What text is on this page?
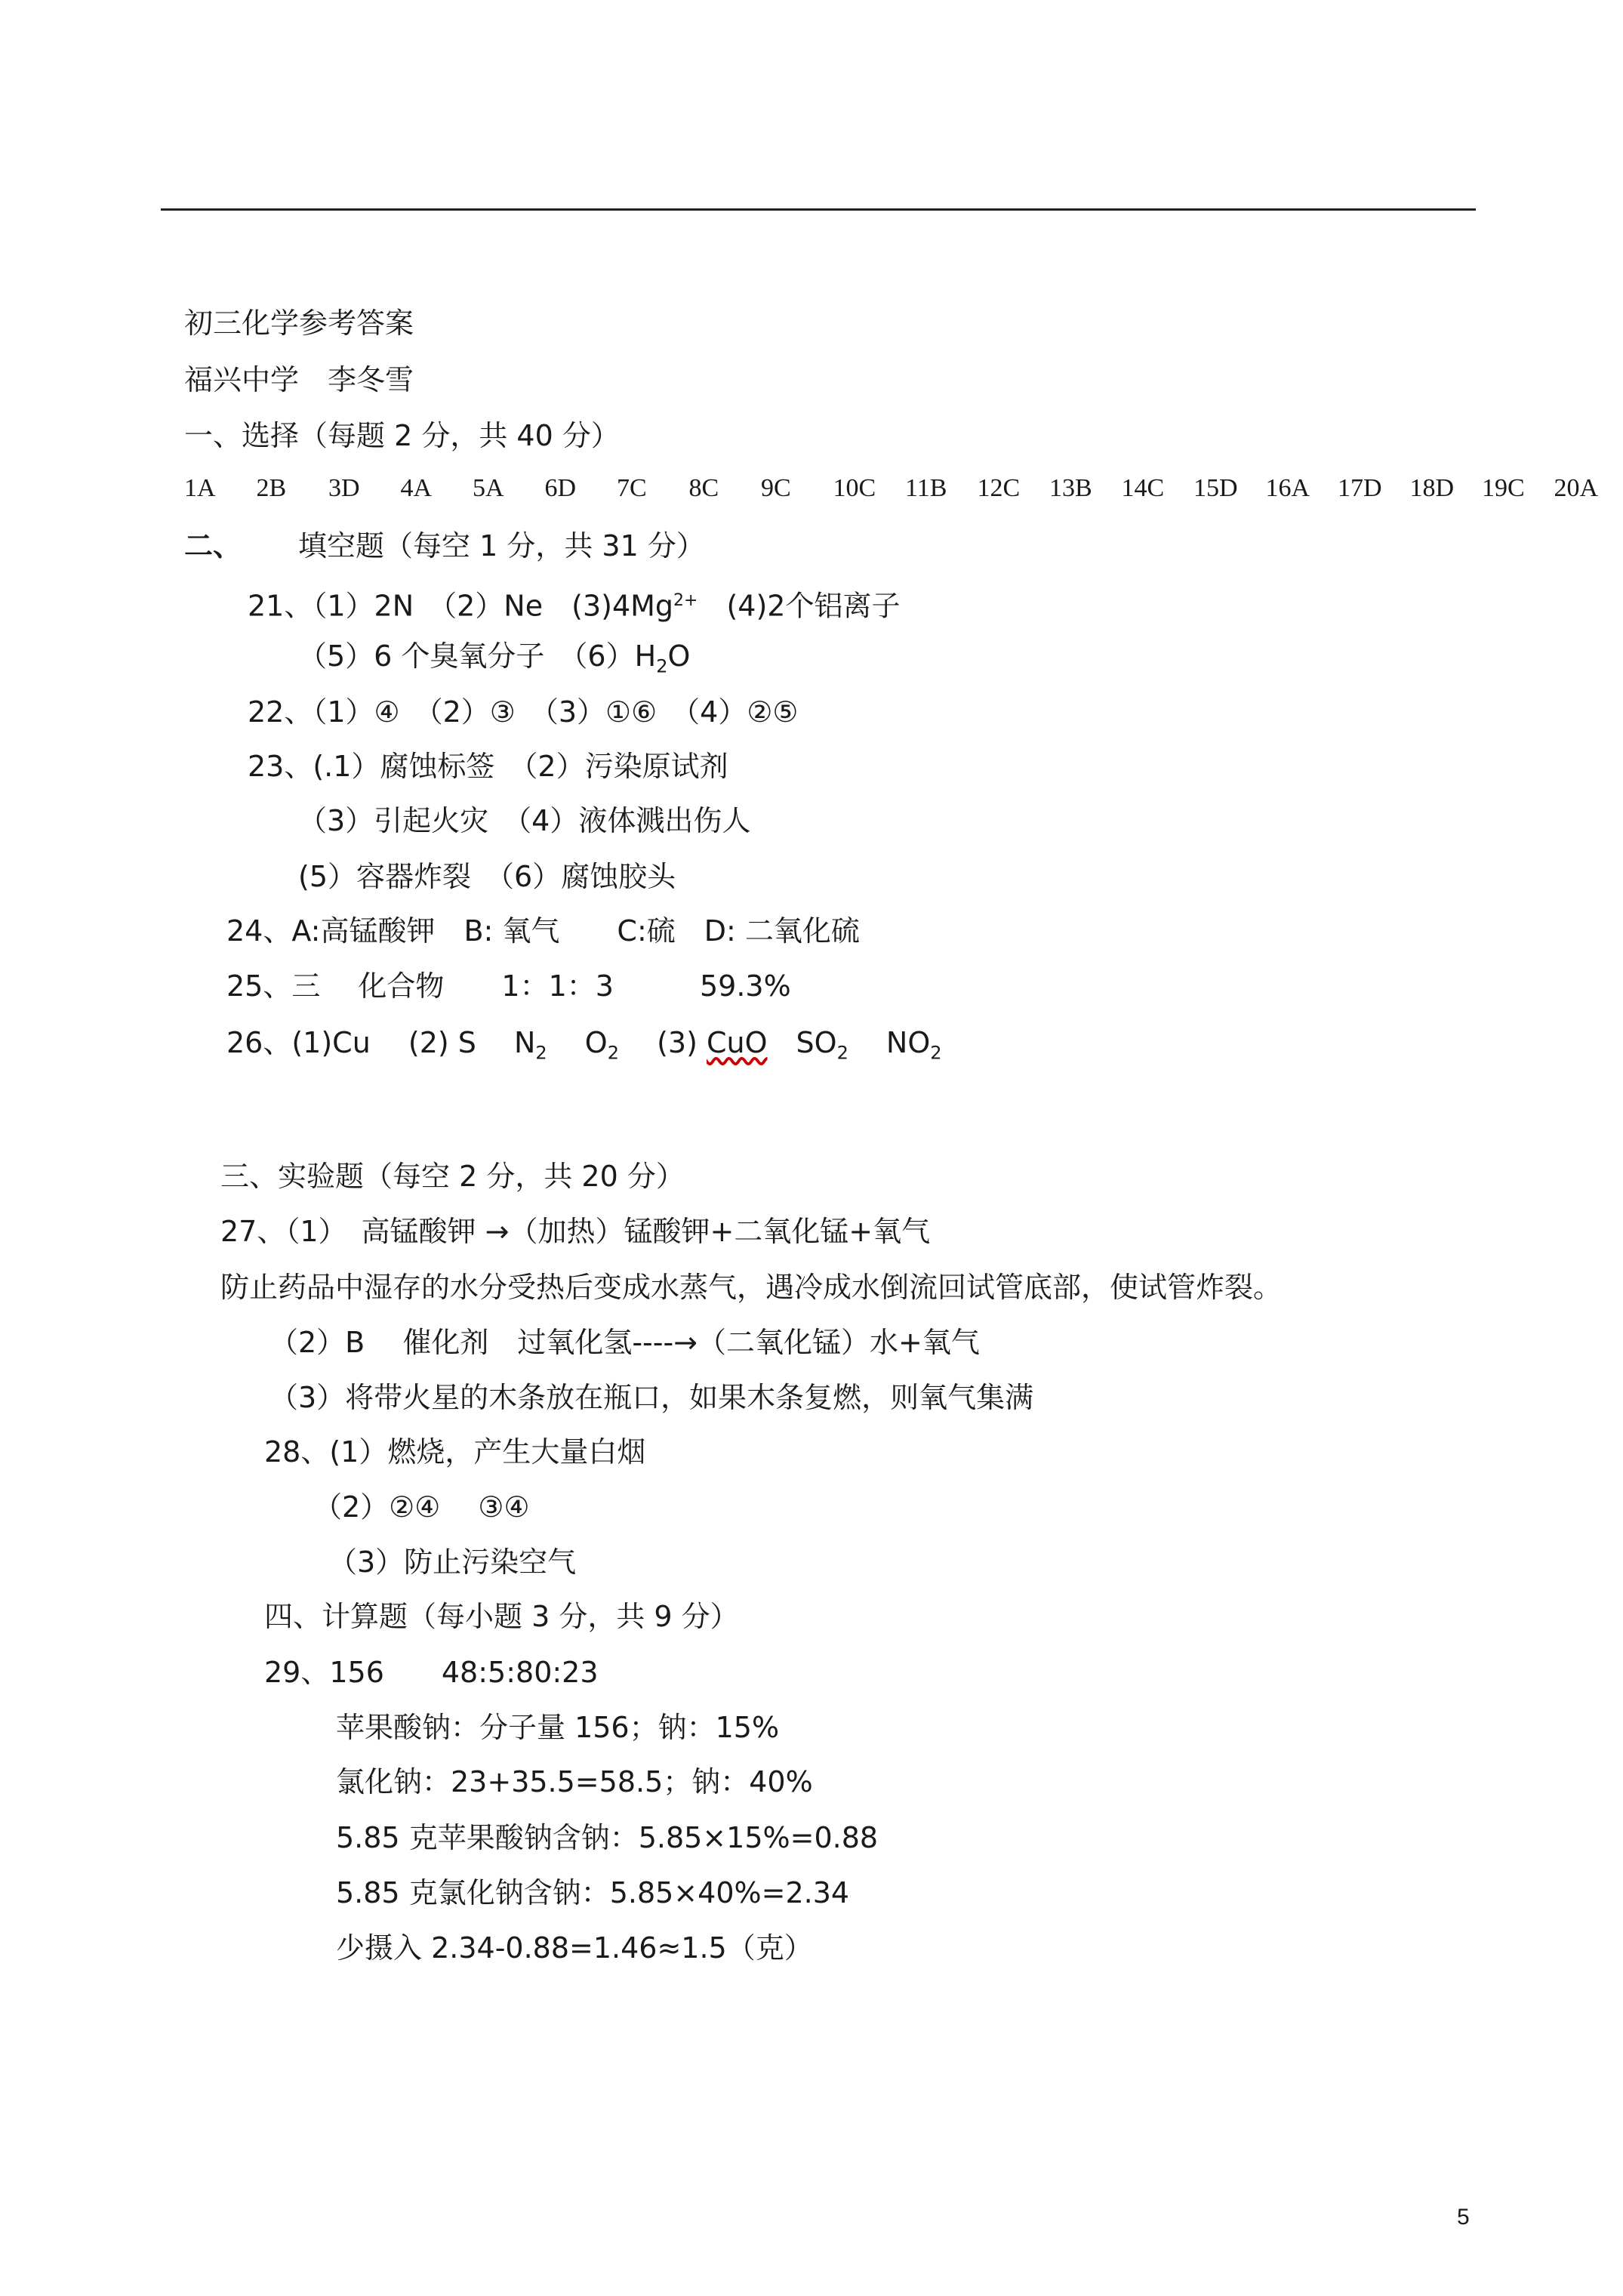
初三化学参考答案
福兴中学　李冬雪
一、选择（每题 2 分，共 40 分）
1A	2B	3D	4A	5A	6D	7C	8C	9C	10C	11B	12C	13B	14C	15D	16A	17D	18D	19C	20A
二、 填空题（每空 1 分，共 31 分）
21、（1）2N　（2）Ne　$(3)4Mg^{2+}$　(4)2个铝离子
（5）6 个臭氧分子　$(6)H_2O$
22、（1）④　（2）③　（3）①⑥　（4）②⑤
23、(.1）腐蚀标签　（2）污染原试剂
（3）引起火灾　（4）液体溅出伤人
(5）容器炸裂　（6）腐蚀胶头
24、A:高锰酸钾　B: 氧气　　C:硫　D: 二氧化硫
25、三　 化合物　　1：1：3　　　59.3%
26、(1)Cu　 (2) S　 $N_2$　 $O_2$　 (3) CuO　$SO_2$　 $NO_2$
三、实验题（每空 2 分，共 20 分）
27、（1）　高锰酸钾 →（加热）锰酸钾+二氧化锰+氧气
防止药品中湿存的水分受热后变成水蒸气，遇冷成水倒流回试管底部，使试管炸裂。
（2）B　 催化剂　过氧化氢----→（二氧化锰）水+氧气
（3）将带火星的木条放在瓶口，如果木条复燃，则氧气集满
28、(1）燃烧，产生大量白烟
（2）②④　 ③④
（3）防止污染空气
四、计算题（每小题 3 分，共 9 分）
29、156　　48:5:80:23
苹果酸钠：分子量 156；钠：15%
氯化钠：23+35.5=58.5；钠：40%
5.85 克苹果酸钠含钠：5.85×15%=0.88
5.85 克氯化钠含钠：5.85×40%=2.34
少摄入 2.34-0.88=1.46≈1.5（克）
5
